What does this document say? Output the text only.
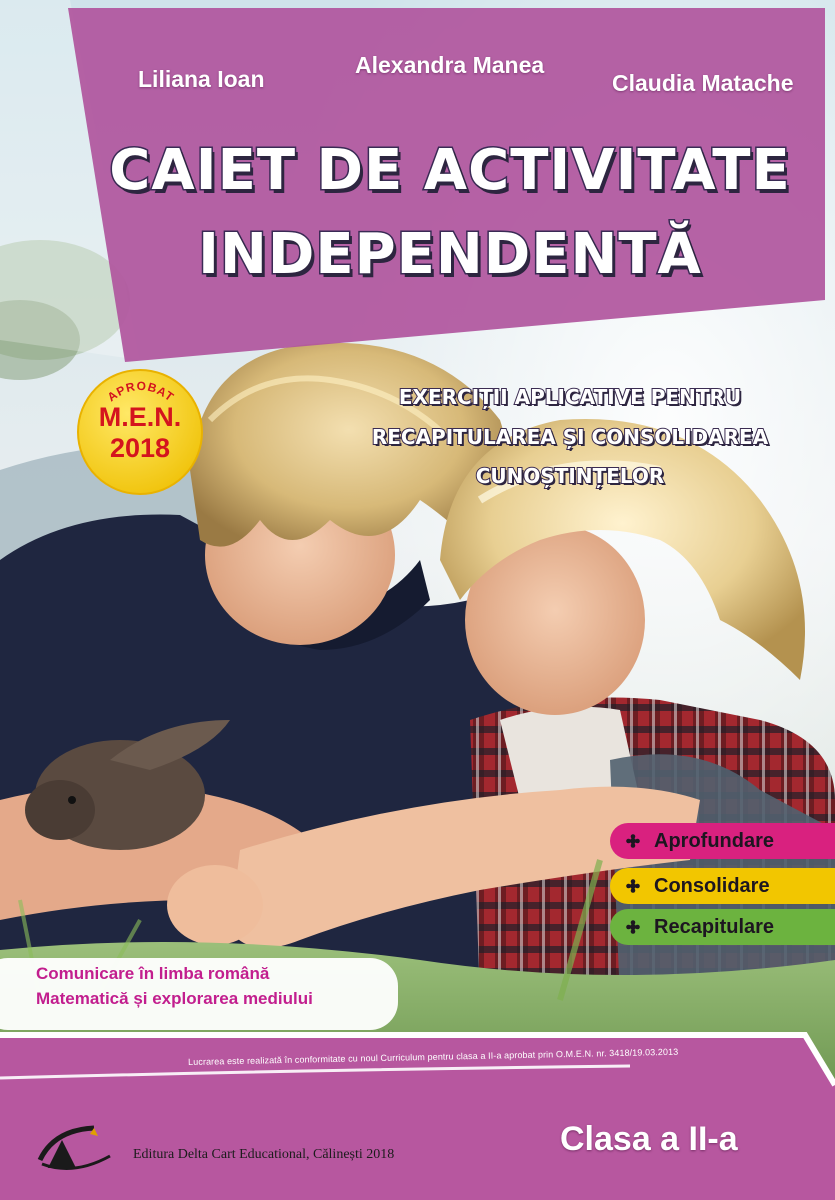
APROBAT
Liliana Ioan
Alexandra Manea
Claudia Matache
CAIET DE ACTIVITATE
INDEPENDENTĂ
M.E.N.
2018
EXERCIȚII APLICATIVE PENTRU
RECAPITULAREA ȘI CONSOLIDAREA
CUNOȘTINȚELOR
Aprofundare
Consolidare
Recapitulare
Comunicare în limba română
Matematică și explorarea mediului
Lucrarea este realizată în conformitate cu noul Curriculum pentru clasa a II-a aprobat prin O.M.E.N. nr. 3418/19.03.2013
Editura Delta Cart Educational, Călinești 2018	Clasa a II-a
